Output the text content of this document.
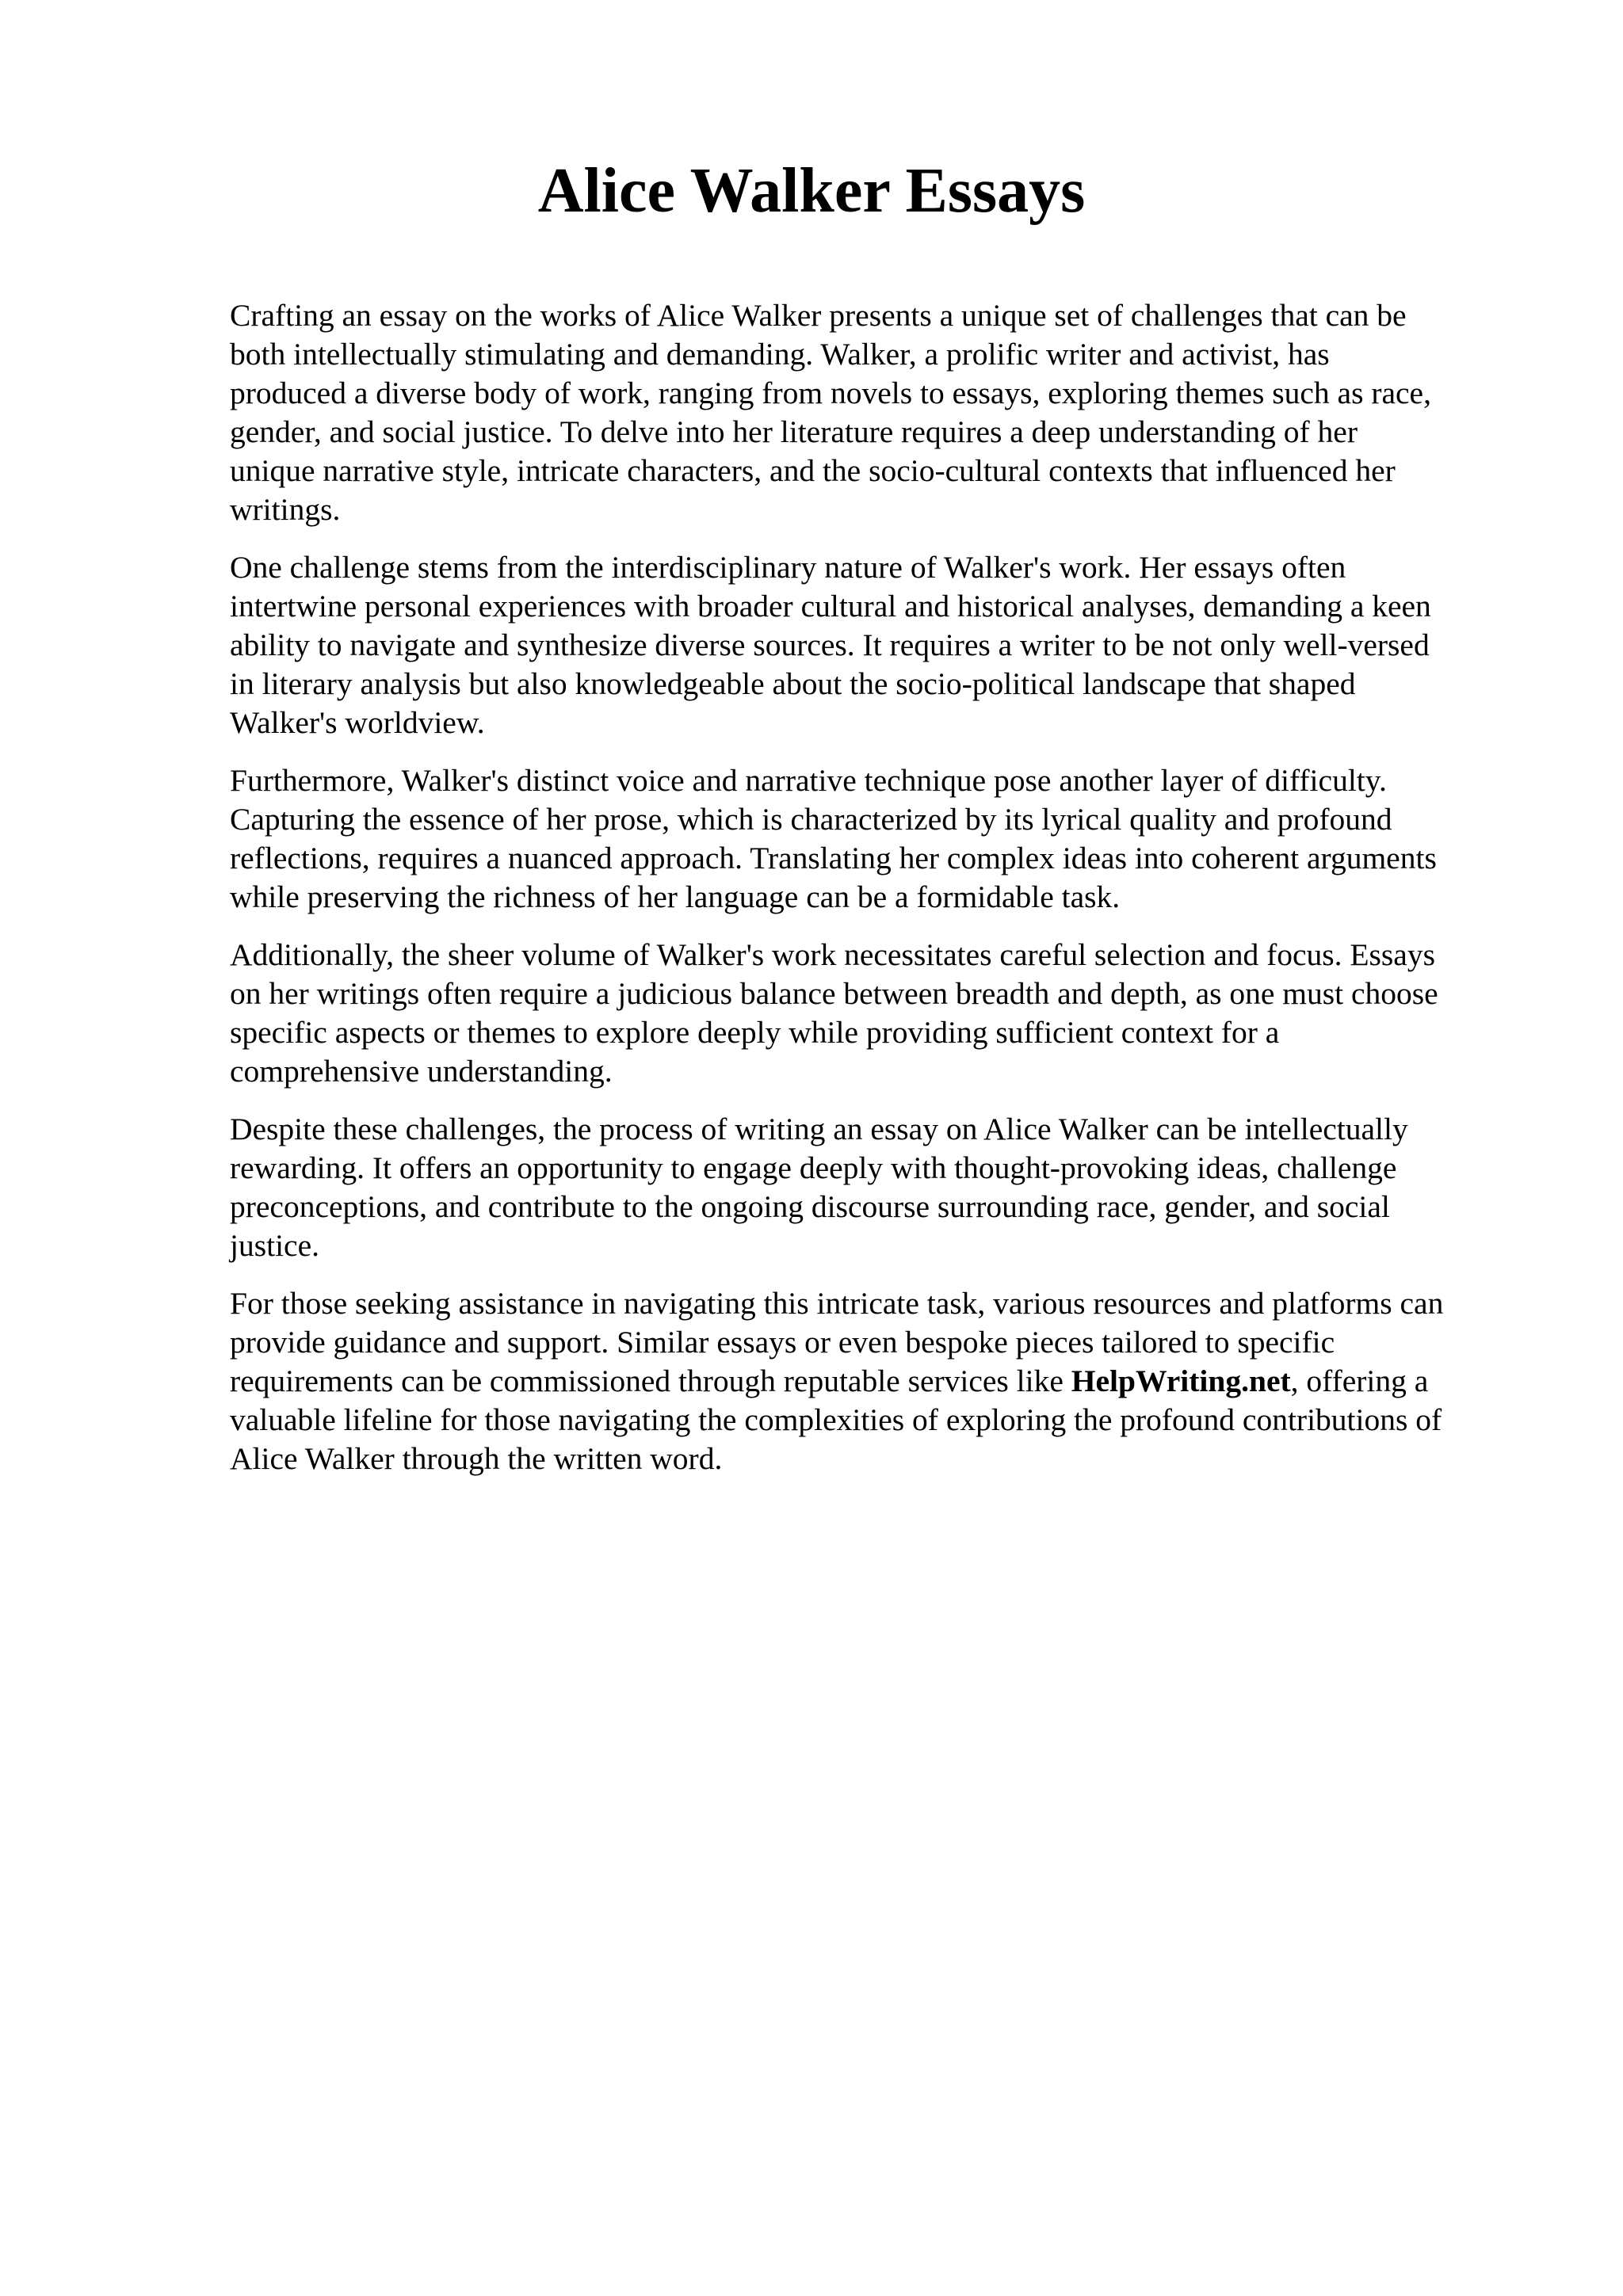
Alice Walker Essays

Crafting an essay on the works of Alice Walker presents a unique set of challenges that can be
both intellectually stimulating and demanding. Walker, a prolific writer and activist, has
produced a diverse body of work, ranging from novels to essays, exploring themes such as race,
gender, and social justice. To delve into her literature requires a deep understanding of her
unique narrative style, intricate characters, and the socio-cultural contexts that influenced her
writings.

One challenge stems from the interdisciplinary nature of Walker's work. Her essays often
intertwine personal experiences with broader cultural and historical analyses, demanding a keen
ability to navigate and synthesize diverse sources. It requires a writer to be not only well-versed
in literary analysis but also knowledgeable about the socio-political landscape that shaped
Walker's worldview.

Furthermore, Walker's distinct voice and narrative technique pose another layer of difficulty.
Capturing the essence of her prose, which is characterized by its lyrical quality and profound
reflections, requires a nuanced approach. Translating her complex ideas into coherent arguments
while preserving the richness of her language can be a formidable task.

Additionally, the sheer volume of Walker's work necessitates careful selection and focus. Essays
on her writings often require a judicious balance between breadth and depth, as one must choose
specific aspects or themes to explore deeply while providing sufficient context for a
comprehensive understanding.

Despite these challenges, the process of writing an essay on Alice Walker can be intellectually
rewarding. It offers an opportunity to engage deeply with thought-provoking ideas, challenge
preconceptions, and contribute to the ongoing discourse surrounding race, gender, and social
justice.

For those seeking assistance in navigating this intricate task, various resources and platforms can
provide guidance and support. Similar essays or even bespoke pieces tailored to specific
requirements can be commissioned through reputable services like HelpWriting.net, offering a
valuable lifeline for those navigating the complexities of exploring the profound contributions of
Alice Walker through the written word.
